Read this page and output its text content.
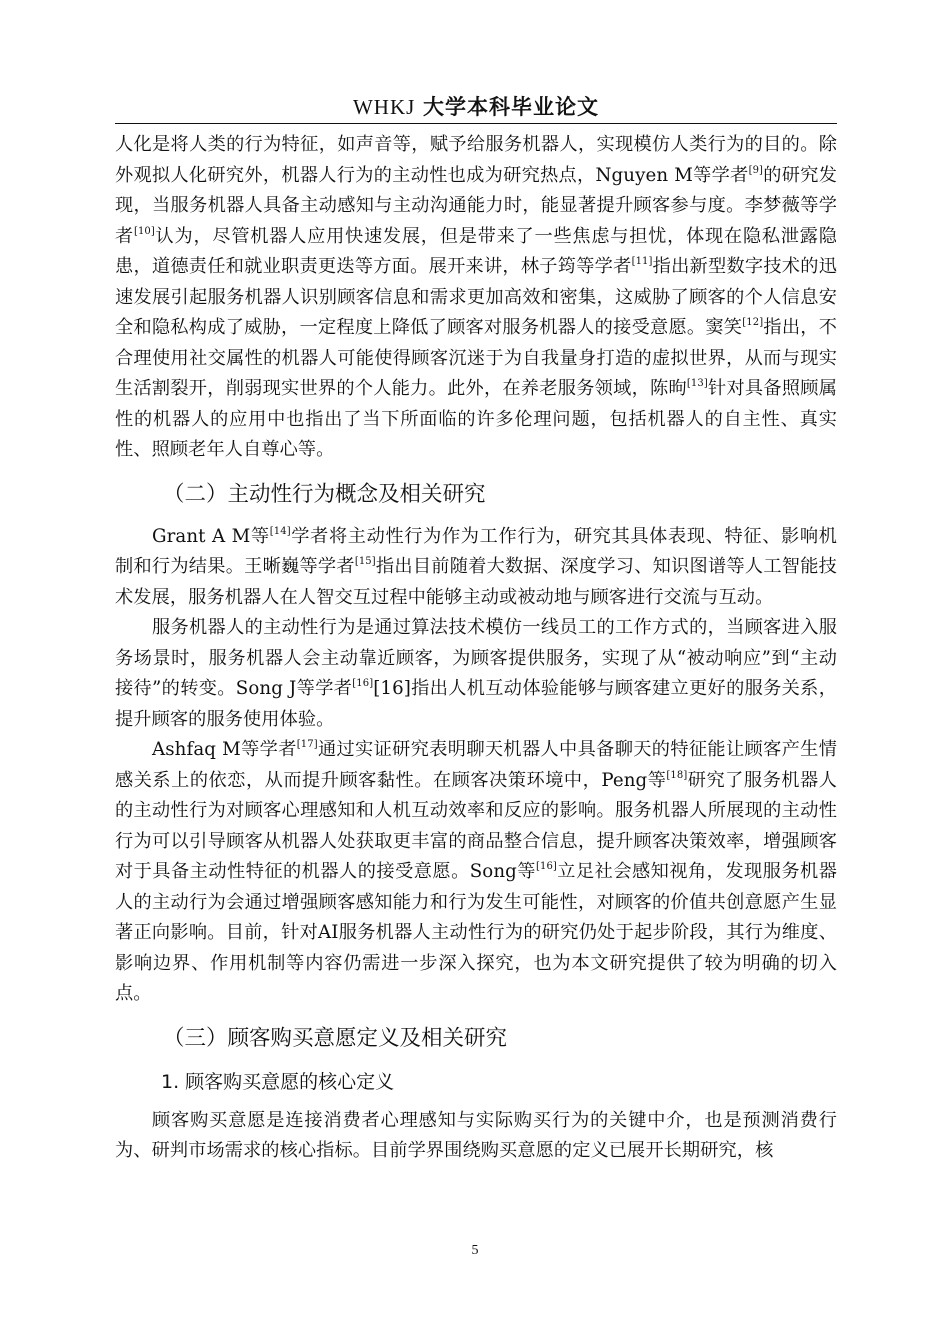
WHKJ 大学本科毕业论文

人化是将人类的行为特征，如声音等，赋予给服务机器人，实现模仿人类行为的目的。除外观拟人化研究外，机器人行为的主动性也成为研究热点，Nguyen M等学者[9]的研究发现，当服务机器人具备主动感知与主动沟通能力时，能显著提升顾客参与度。李梦薇等学者[10]认为，尽管机器人应用快速发展，但是带来了一些焦虑与担忧，体现在隐私泄露隐患，道德责任和就业职责更迭等方面。展开来讲，林子筠等学者[11]指出新型数字技术的迅速发展引起服务机器人识别顾客信息和需求更加高效和密集，这威胁了顾客的个人信息安全和隐私构成了威胁，一定程度上降低了顾客对服务机器人的接受意愿。窦笑[12]指出，不合理使用社交属性的机器人可能使得顾客沉迷于为自我量身打造的虚拟世界，从而与现实生活割裂开，削弱现实世界的个人能力。此外，在养老服务领域，陈昫[13]针对具备照顾属性的机器人的应用中也指出了当下所面临的许多伦理问题，包括机器人的自主性、真实性、照顾老年人自尊心等。

（二）主动性行为概念及相关研究

Grant A M等[14]学者将主动性行为作为工作行为，研究其具体表现、特征、影响机制和行为结果。王晰巍等学者[15]指出目前随着大数据、深度学习、知识图谱等人工智能技术发展，服务机器人在人智交互过程中能够主动或被动地与顾客进行交流与互动。

服务机器人的主动性行为是通过算法技术模仿一线员工的工作方式的，当顾客进入服务场景时，服务机器人会主动靠近顾客，为顾客提供服务，实现了从“被动响应”到“主动接待”的转变。Song J等学者[16][16]指出人机互动体验能够与顾客建立更好的服务关系，提升顾客的服务使用体验。

Ashfaq M等学者[17]通过实证研究表明聊天机器人中具备聊天的特征能让顾客产生情感关系上的依恋，从而提升顾客黏性。在顾客决策环境中，Peng等[18]研究了服务机器人的主动性行为对顾客心理感知和人机互动效率和反应的影响。服务机器人所展现的主动性行为可以引导顾客从机器人处获取更丰富的商品整合信息，提升顾客决策效率，增强顾客对于具备主动性特征的机器人的接受意愿。Song等[16]立足社会感知视角，发现服务机器人的主动行为会通过增强顾客感知能力和行为发生可能性，对顾客的价值共创意愿产生显著正向影响。目前，针对AI服务机器人主动性行为的研究仍处于起步阶段，其行为维度、影响边界、作用机制等内容仍需进一步深入探究，也为本文研究提供了较为明确的切入点。

（三）顾客购买意愿定义及相关研究
1. 顾客购买意愿的核心定义

顾客购买意愿是连接消费者心理感知与实际购买行为的关键中介，也是预测消费行为、研判市场需求的核心指标。目前学界围绕购买意愿的定义已展开长期研究，核

5
